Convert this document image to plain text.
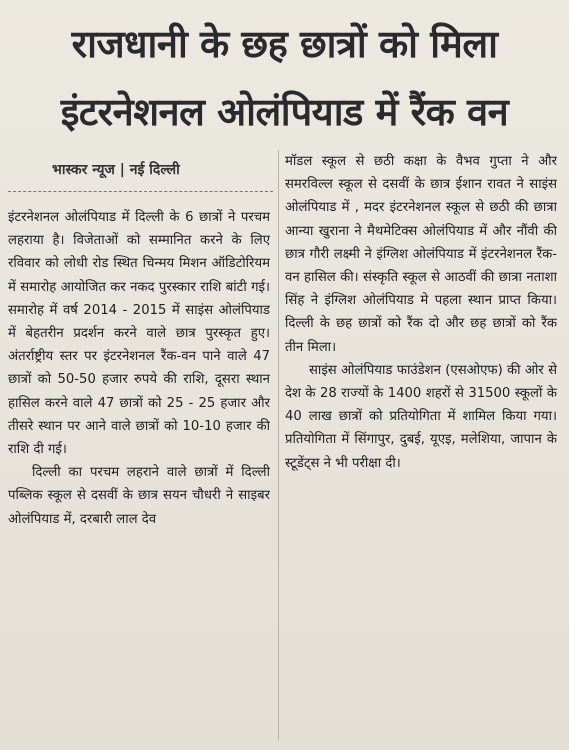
राजधानी के छह छात्रों को मिला
इंटरनेशनल ओलंपियाड में रैंक वन
भास्कर न्यूज | नई दिल्ली

इंटरनेशनल ओलंपियाड में दिल्ली के 6 छात्रों ने परचम लहराया है। विजेताओं को सम्मानित करने के लिए रविवार को लोधी रोड स्थित चिन्मय मिशन ऑडिटोरियम में समारोह आयोजित कर नकद पुरस्कार राशि बांटी गई। समारोह में वर्ष 2014 - 2015 में साइंस ओलंपियाड में बेहतरीन प्रदर्शन करने वाले छात्र पुरस्कृत हुए। अंतर्राष्ट्रीय स्तर पर इंटरनेशनल रैंक-वन पाने वाले 47 छात्रों को 50-50 हजार रुपये की राशि, दूसरा स्थान हासिल करने वाले 47 छात्रों को 25 - 25 हजार और तीसरे स्थान पर आने वाले छात्रों को 10-10 हजार की राशि दी गई।

दिल्ली का परचम लहराने वाले छात्रों में दिल्ली पब्लिक स्कूल से दसवीं के छात्र सयन चौधरी ने साइबर ओलंपियाड में, दरबारी लाल देव

मॉडल स्कूल से छठी कक्षा के वैभव गुप्ता ने और समरविल्ल स्कूल से दसवीं के छात्र ईशान रावत ने साइंस ओलंपियाड में , मदर इंटरनेशनल स्कूल से छठी की छात्रा आन्या खुराना ने मैथमेटिक्स ओलंपियाड में और नौंवी की छात्र गौरी लक्ष्मी ने इंग्लिश ओलंपियाड में इंटरनेशनल रैंक-वन हासिल की। संस्कृति स्कूल से आठवीं की छात्रा नताशा सिंह ने इंग्लिश ओलंपियाड मे पहला स्थान प्राप्त किया। दिल्ली के छह छात्रों को रैंक दो और छह छात्रों को रैंक तीन मिला।

साइंस ओलंपियाड फाउंडेशन (एसओएफ) की ओर से देश के 28 राज्यों के 1400 शहरों से 31500 स्कूलों के 40 लाख छात्रों को प्रतियोगिता में शामिल किया गया। प्रतियोगिता में सिंगापुर, दुबई, यूएइ, मलेशिया, जापान के स्टूडेंट्स ने भी परीक्षा दी।
